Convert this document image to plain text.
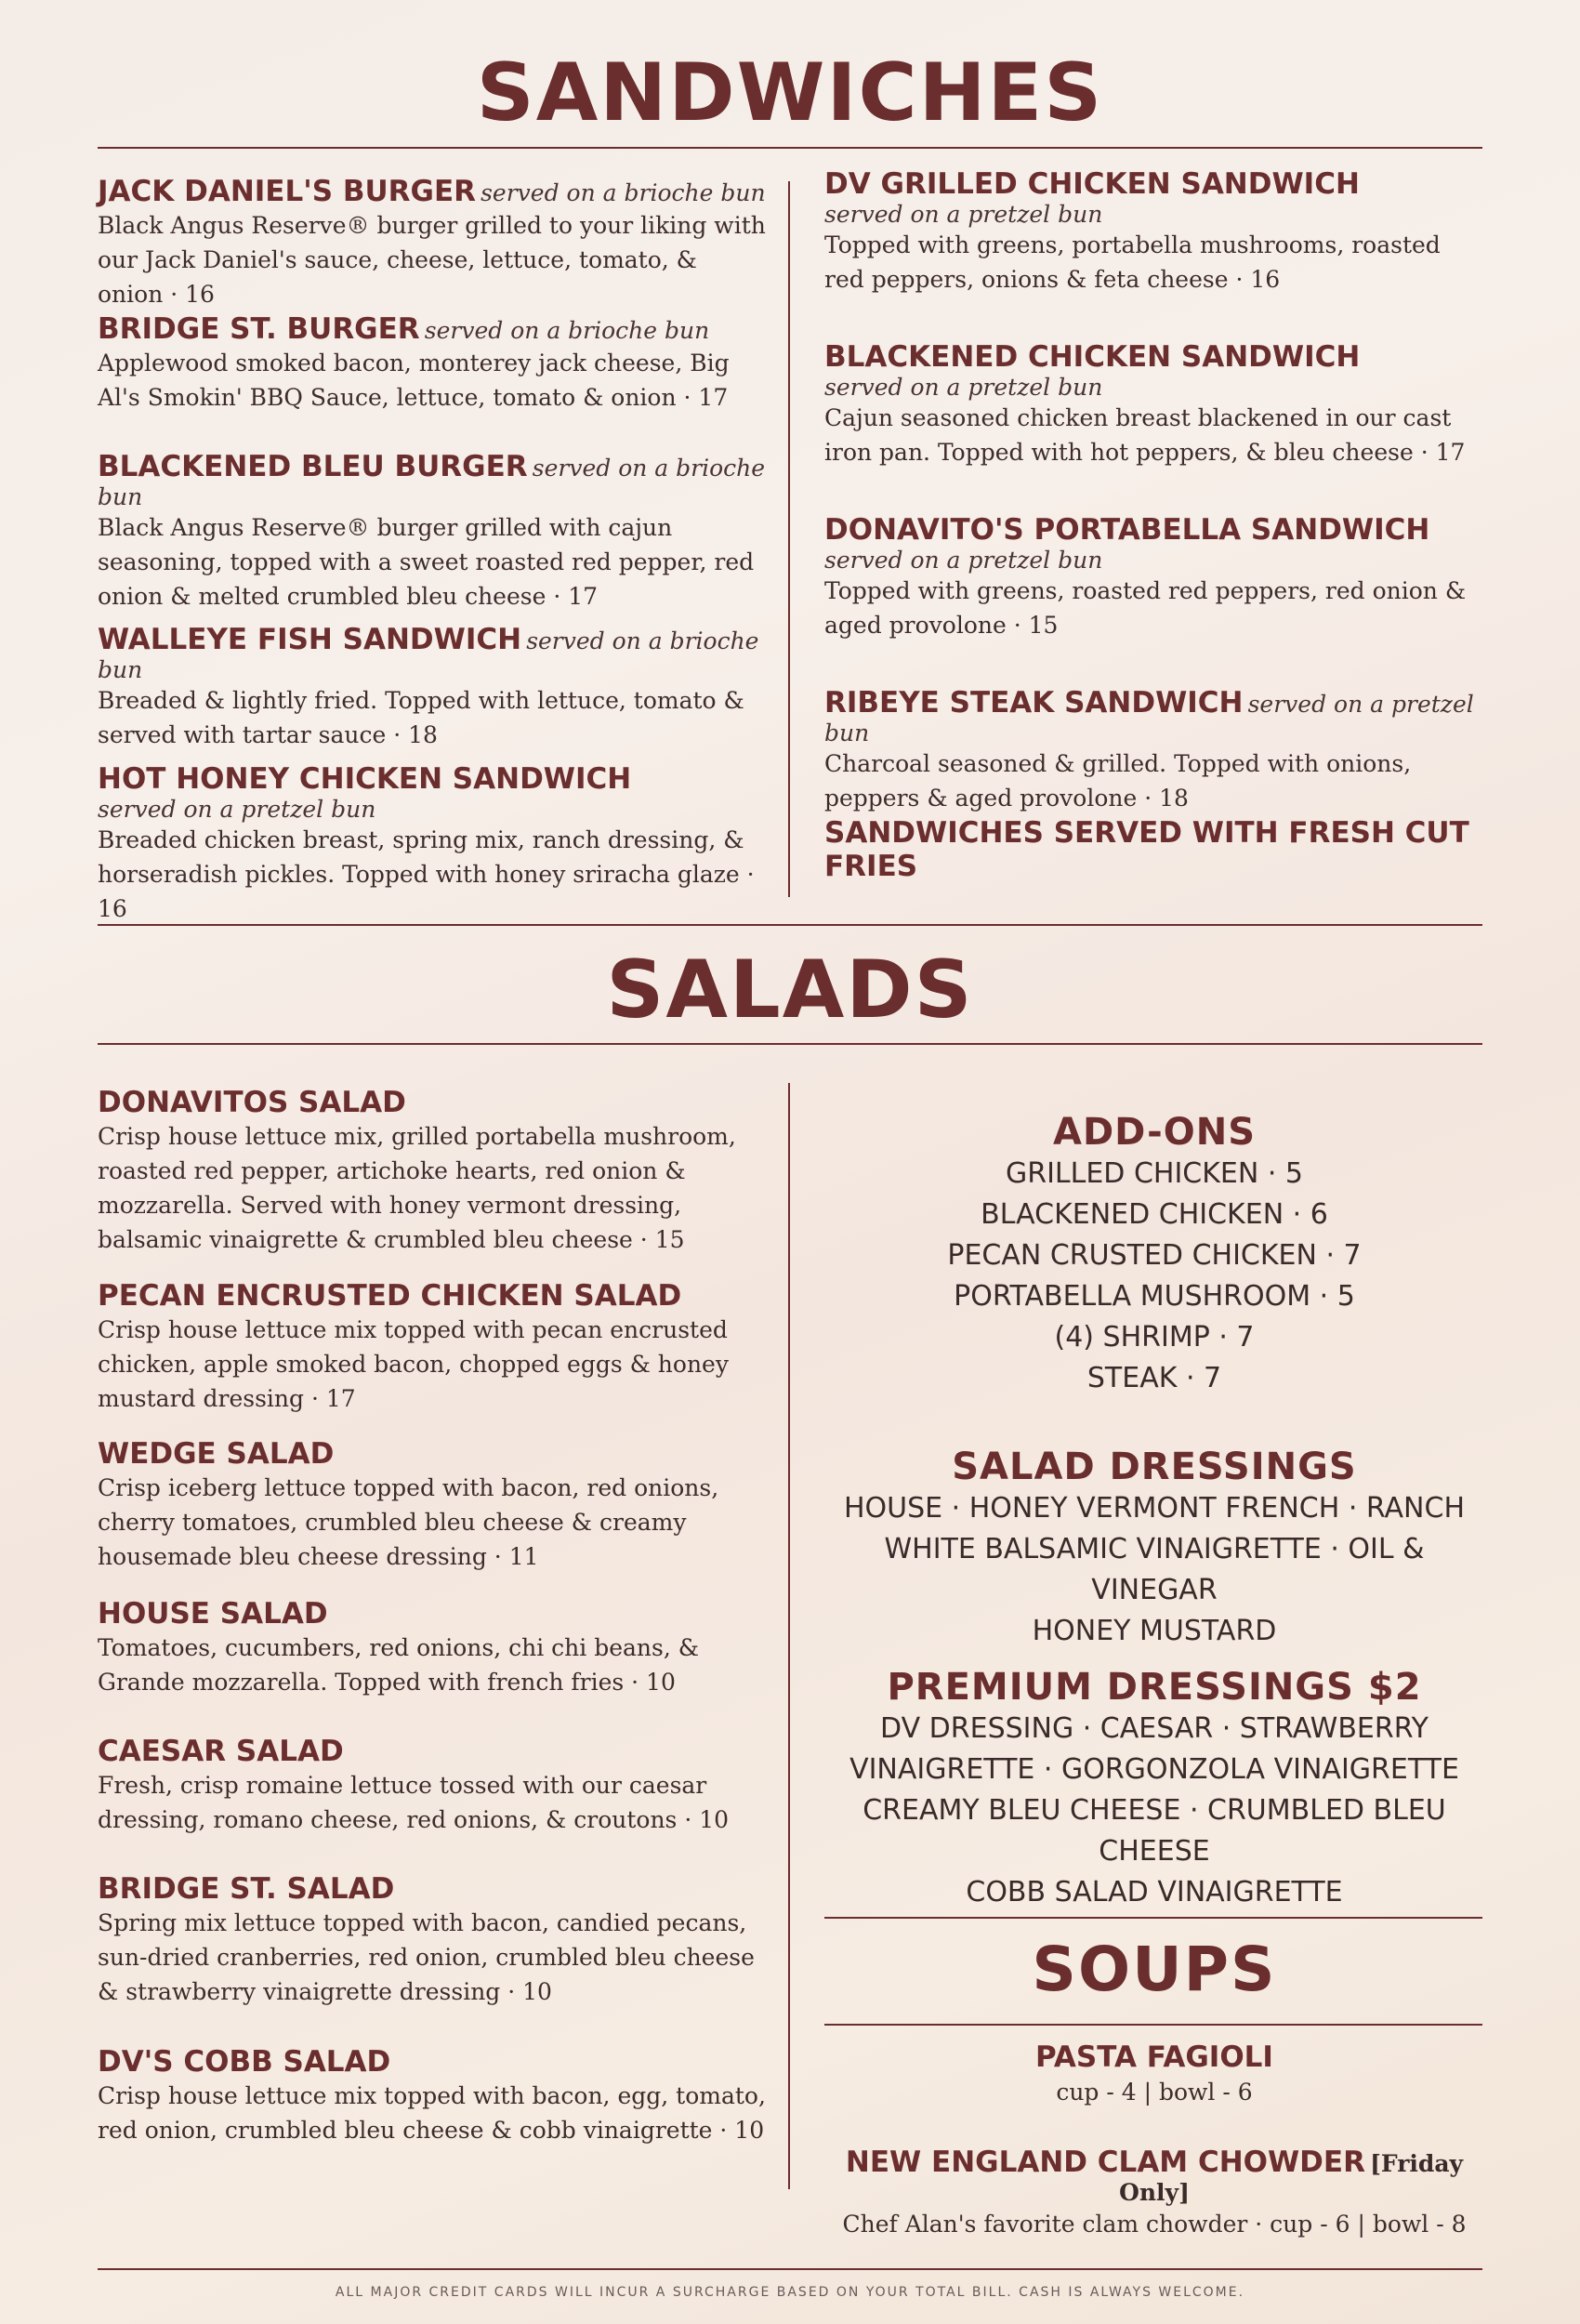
SANDWICHES
JACK DANIEL'S BURGER served on a brioche bun
Black Angus Reserve® burger grilled to your liking with our Jack Daniel's sauce, cheese, lettuce, tomato, & onion · 16
BRIDGE ST. BURGER served on a brioche bun
Applewood smoked bacon, monterey jack cheese, Big Al's Smokin' BBQ Sauce, lettuce, tomato & onion · 17
BLACKENED BLEU BURGER served on a brioche bun
Black Angus Reserve® burger grilled with cajun seasoning, topped with a sweet roasted red pepper, red onion & melted crumbled bleu cheese · 17
WALLEYE FISH SANDWICH served on a brioche bun
Breaded & lightly fried. Topped with lettuce, tomato & served with tartar sauce · 18
HOT HONEY CHICKEN SANDWICH
served on a pretzel bun
Breaded chicken breast, spring mix, ranch dressing, & horseradish pickles. Topped with honey sriracha glaze · 16
DV GRILLED CHICKEN SANDWICH
served on a pretzel bun
Topped with greens, portabella mushrooms, roasted red peppers, onions & feta cheese · 16
BLACKENED CHICKEN SANDWICH
served on a pretzel bun
Cajun seasoned chicken breast blackened in our cast iron pan. Topped with hot peppers, & bleu cheese · 17
DONAVITO'S PORTABELLA SANDWICH
served on a pretzel bun
Topped with greens, roasted red peppers, red onion & aged provolone · 15
RIBEYE STEAK SANDWICH served on a pretzel bun
Charcoal seasoned & grilled. Topped with onions, peppers & aged provolone · 18
SANDWICHES SERVED WITH FRESH CUT FRIES
SALADS
DONAVITOS SALAD
Crisp house lettuce mix, grilled portabella mushroom, roasted red pepper, artichoke hearts, red onion & mozzarella. Served with honey vermont dressing, balsamic vinaigrette & crumbled bleu cheese · 15
PECAN ENCRUSTED CHICKEN SALAD
Crisp house lettuce mix topped with pecan encrusted chicken, apple smoked bacon, chopped eggs & honey mustard dressing · 17
WEDGE SALAD
Crisp iceberg lettuce topped with bacon, red onions, cherry tomatoes, crumbled bleu cheese & creamy housemade bleu cheese dressing · 11
HOUSE SALAD
Tomatoes, cucumbers, red onions, chi chi beans, & Grande mozzarella. Topped with french fries · 10
CAESAR SALAD
Fresh, crisp romaine lettuce tossed with our caesar dressing, romano cheese, red onions, & croutons · 10
BRIDGE ST. SALAD
Spring mix lettuce topped with bacon, candied pecans, sun-dried cranberries, red onion, crumbled bleu cheese & strawberry vinaigrette dressing · 10
DV'S COBB SALAD
Crisp house lettuce mix topped with bacon, egg, tomato, red onion, crumbled bleu cheese & cobb vinaigrette · 10
ADD-ONS
GRILLED CHICKEN · 5
BLACKENED CHICKEN · 6
PECAN CRUSTED CHICKEN · 7
PORTABELLA MUSHROOM · 5
(4) SHRIMP · 7
STEAK · 7
SALAD DRESSINGS
HOUSE · HONEY VERMONT FRENCH · RANCH
WHITE BALSAMIC VINAIGRETTE · OIL & VINEGAR
HONEY MUSTARD
PREMIUM DRESSINGS $2
DV DRESSING · CAESAR · STRAWBERRY
VINAIGRETTE · GORGONZOLA VINAIGRETTE
CREAMY BLEU CHEESE · CRUMBLED BLEU CHEESE
COBB SALAD VINAIGRETTE
SOUPS
PASTA FAGIOLI
cup - 4 | bowl - 6
NEW ENGLAND CLAM CHOWDER [Friday Only]
Chef Alan's favorite clam chowder · cup - 6 | bowl - 8
ALL MAJOR CREDIT CARDS WILL INCUR A SURCHARGE BASED ON YOUR TOTAL BILL. CASH IS ALWAYS WELCOME.
